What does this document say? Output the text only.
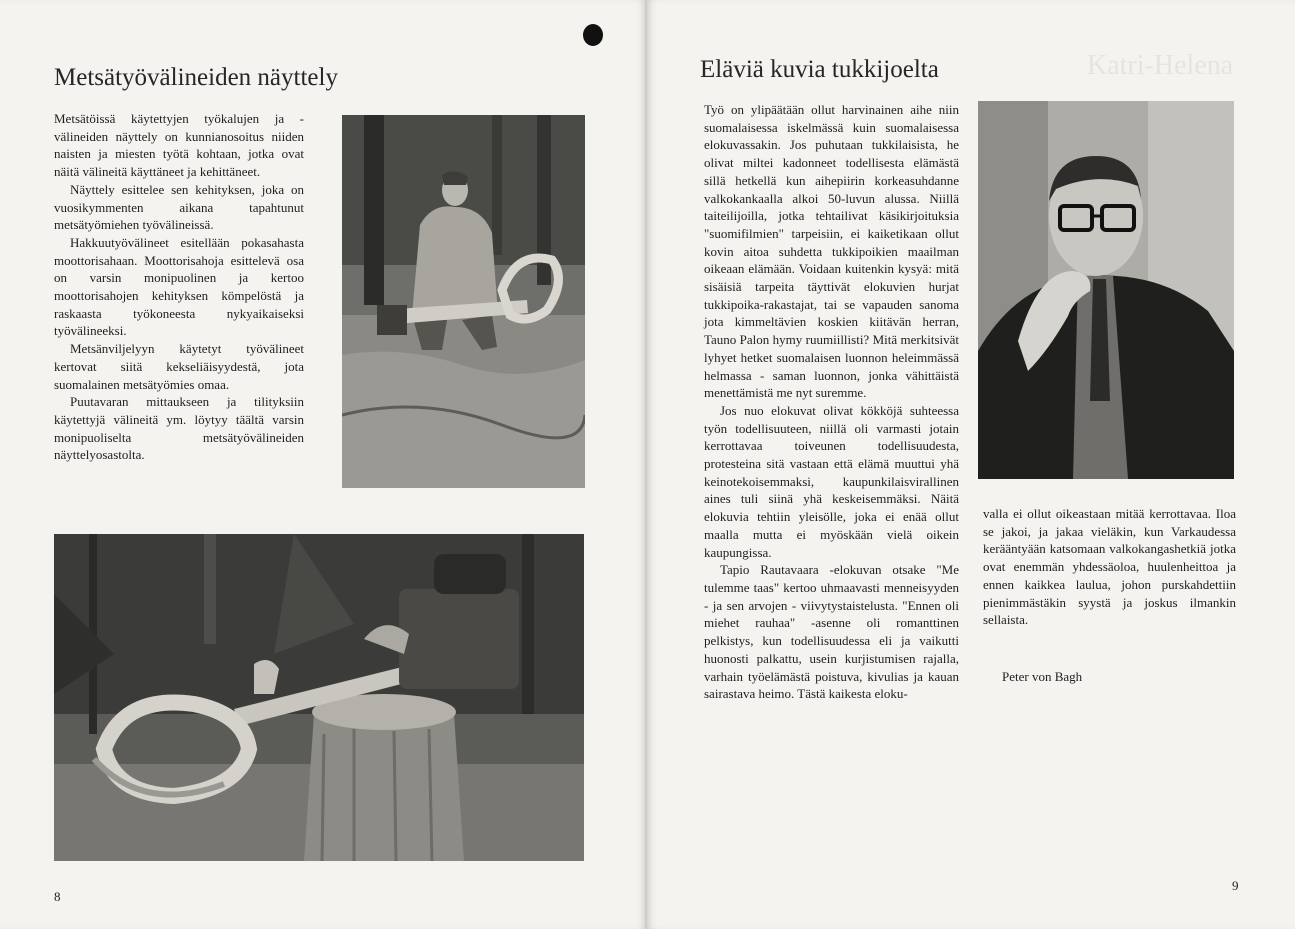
Metsätyövälineiden näyttely

Metsätöissä käytettyjen työkalujen ja -välineiden näyttely on kunnianosoitus niiden naisten ja miesten työtä kohtaan, jotka ovat näitä välineitä käyttäneet ja kehittäneet.

Näyttely esittelee sen kehityksen, joka on vuosikymmenten aikana tapahtunut metsätyömiehen työvälineissä.

Hakkuutyövälineet esitellään pokasahasta moottorisahaan. Moottorisahoja esittelevä osa on varsin monipuolinen ja kertoo moottorisahojen kehityksen kömpelöstä ja raskaasta työkoneesta nykyaikaiseksi työvälineeksi.

Metsänviljelyyn käytetyt työvälineet kertovat siitä kekseliäisyydestä, jota suomalainen metsätyömies omaa.

Puutavaran mittaukseen ja tilityksiin käytettyjä välineitä ym. löytyy täältä varsin monipuoliselta metsätyövälineiden näyttelyosastolta.

8
Katri-Helena
Eläviä kuvia tukkijoelta

Työ on ylipäätään ollut harvinainen aihe niin suomalaisessa iskelmässä kuin suomalaisessa elokuvassakin. Jos puhutaan tukkilaisista, he olivat miltei kadonneet todellisesta elämästä sillä hetkellä kun aihepiirin korkeasuhdanne valkokankaalla alkoi 50-luvun alussa. Niillä taiteilijoilla, jotka tehtailivat käsikirjoituksia "suomifilmien" tarpeisiin, ei kaiketikaan ollut kovin aitoa suhdetta tukkipoikien maailman oikeaan elämään. Voidaan kuitenkin kysyä: mitä sisäisiä tarpeita täyttivät elokuvien hurjat tukkipoika-rakastajat, tai se vapauden sanoma jota kimmeltävien koskien kiitävän herran, Tauno Palon hymy ruumiillisti? Mitä merkitsivät lyhyet hetket suomalaisen luonnon heleimmässä helmassa - saman luonnon, jonka vähittäistä menettämistä me nyt suremme.

Jos nuo elokuvat olivat kökköjä suhteessa työn todellisuuteen, niillä oli varmasti jotain kerrottavaa toiveunen todellisuudesta, protesteina sitä vastaan että elämä muuttui yhä keinotekoisemmaksi, kaupunkilaisvirallinen aines tuli siinä yhä keskeisemmäksi. Näitä elokuvia tehtiin yleisölle, joka ei enää ollut maalla mutta ei myöskään vielä oikein kaupungissa.

Tapio Rautavaara -elokuvan otsake "Me tulemme taas" kertoo uhmaavasti menneisyyden - ja sen arvojen - viivytystaistelusta. "Ennen oli miehet rauhaa" -asenne oli romanttinen pelkistys, kun todellisuudessa eli ja vaikutti huonosti palkattu, usein kurjistumisen rajalla, varhain työelämästä poistuva, kivulias ja kauan sairastava heimo. Tästä kaikesta eloku-

valla ei ollut oikeastaan mitää kerrottavaa. Iloa se jakoi, ja jakaa vieläkin, kun Varkaudessa kerääntyään katsomaan valkokangashetkiä jotka ovat enemmän yhdessäoloa, huulenheittoa ja ennen kaikkea laulua, johon purskahdettiin pienimmästäkin syystä ja joskus ilmankin sellaista.

Peter von Bagh
9
